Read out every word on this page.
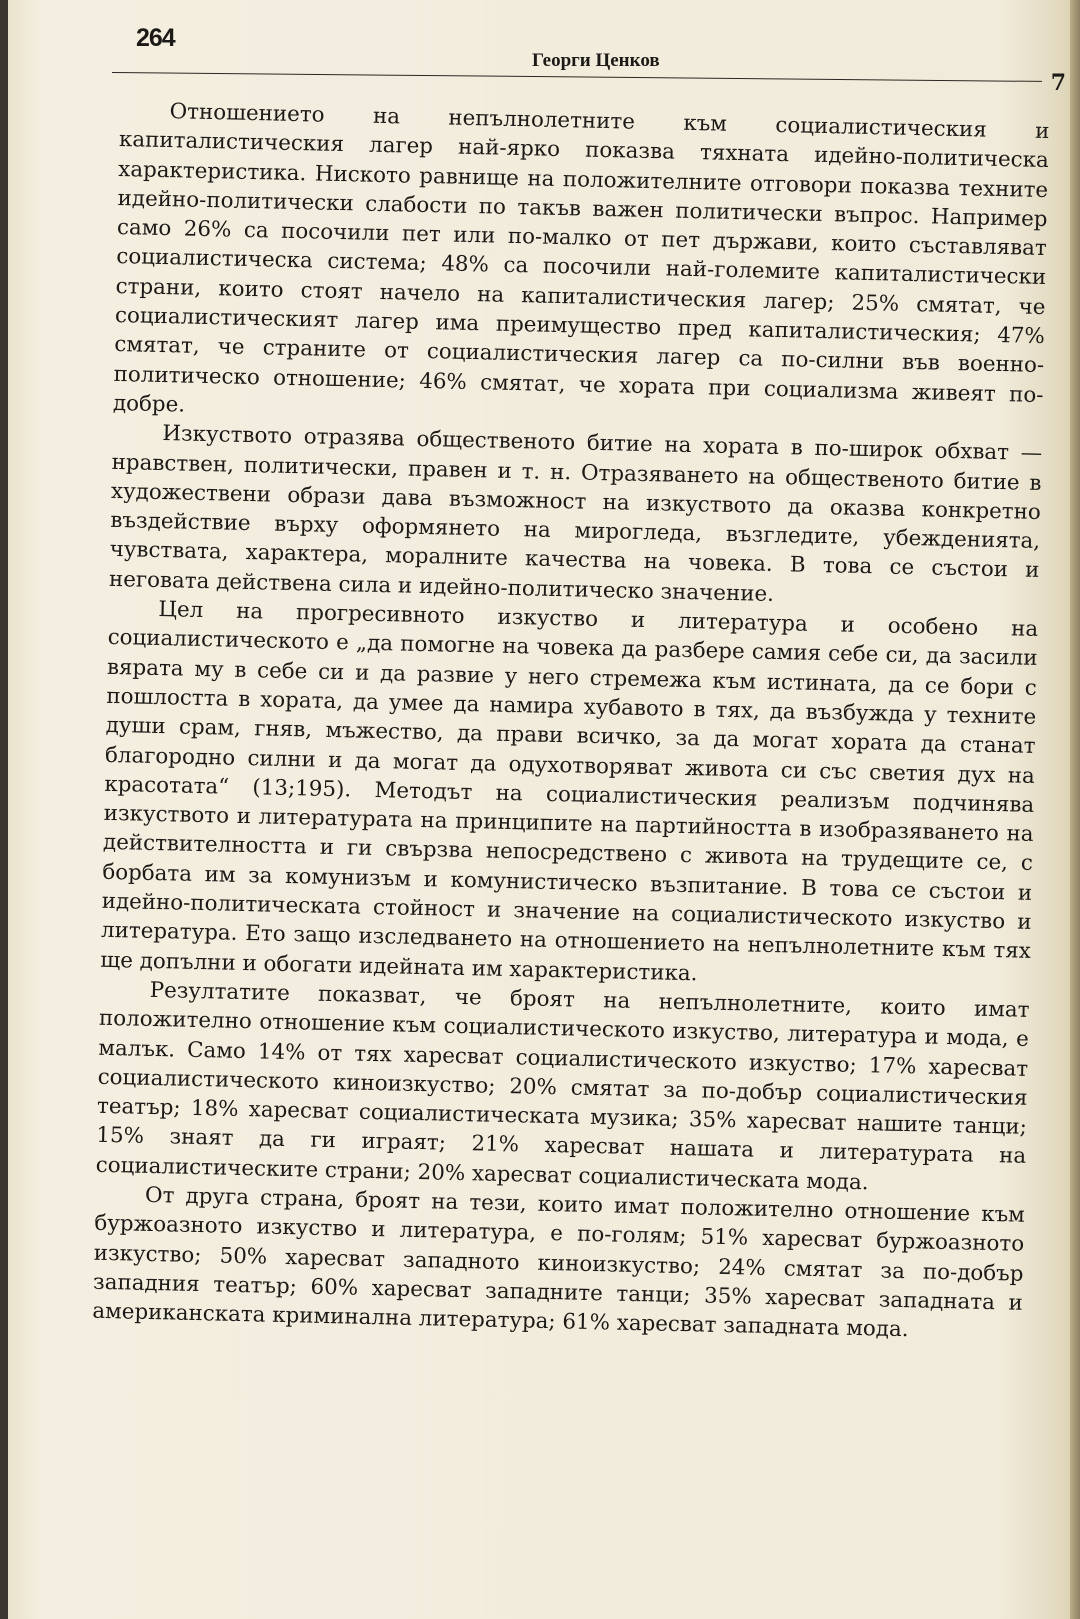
264
Георги Ценков
7

Отношението на непълнолетните към социалистическия и капиталистическия лагер най-ярко показва тяхната идейно-политическа характеристика. Ниското равнище на положителните отговори показва техните идейно-политически слабости по такъв важен политически въпрос. Например само 26% са посочили пет или по-малко от пет държави, които съставляват социалистическа система; 48% са посочили най-големите капиталистически страни, които стоят начело на капиталистическия лагер; 25% смятат, че социалистическият лагер има преимущество пред капиталистическия; 47% смятат, че страните от социалистическия лагер са по-силни във военно-политическо отношение; 46% смятат, че хората при социализма живеят по-добре.

Изкуството отразява общественото битие на хората в по-широк обхват — нравствен, политически, правен и т. н. Отразяването на общественото битие в художествени образи дава възможност на изкуството да оказва конкретно въздействие върху оформянето на мирогледа, възгледите, убежденията, чувствата, характера, моралните качества на човека. В това се състои и неговата действена сила и идейно-политическо значение.

Цел на прогресивното изкуство и литература и особено на социалистическото е „да помогне на човека да разбере самия себе си, да засили вярата му в себе си и да развие у него стремежа към истината, да се бори с пошлостта в хората, да умее да намира хубавото в тях, да възбужда у техните души срам, гняв, мъжество, да прави всичко, за да могат хората да станат благородно силни и да могат да одухотворяват живота си със светия дух на красотата“ (13;195). Методът на социалистическия реализъм подчинява изкуството и литературата на принципите на партийността в изобразяването на действителността и ги свързва непосредствено с живота на трудещите се, с борбата им за комунизъм и комунистическо възпитание. В това се състои и идейно-политическата стойност и значение на социалистическото изкуство и литература. Ето защо изследването на отношението на непълнолетните към тях ще допълни и обогати идейната им характеристика.

Резултатите показват, че броят на непълнолетните, които имат положително отношение към социалистическото изкуство, литература и мода, е малък. Само 14% от тях харесват социалистическото изкуство; 17% харесват социалистическото киноизкуство; 20% смятат за по-добър социалистическия театър; 18% харесват социалистическата музика; 35% харесват нашите танци; 15% знаят да ги играят; 21% харесват нашата и литературата на социалистическите страни; 20% харесват социалистическата мода.

От друга страна, броят на тези, които имат положително отношение към буржоазното изкуство и литература, е по-голям; 51% харесват буржоазното изкуство; 50% харесват западното киноизкуство; 24% смятат за по-добър западния театър; 60% харесват западните танци; 35% харесват западната и американската криминална литература; 61% харесват западната мода.
